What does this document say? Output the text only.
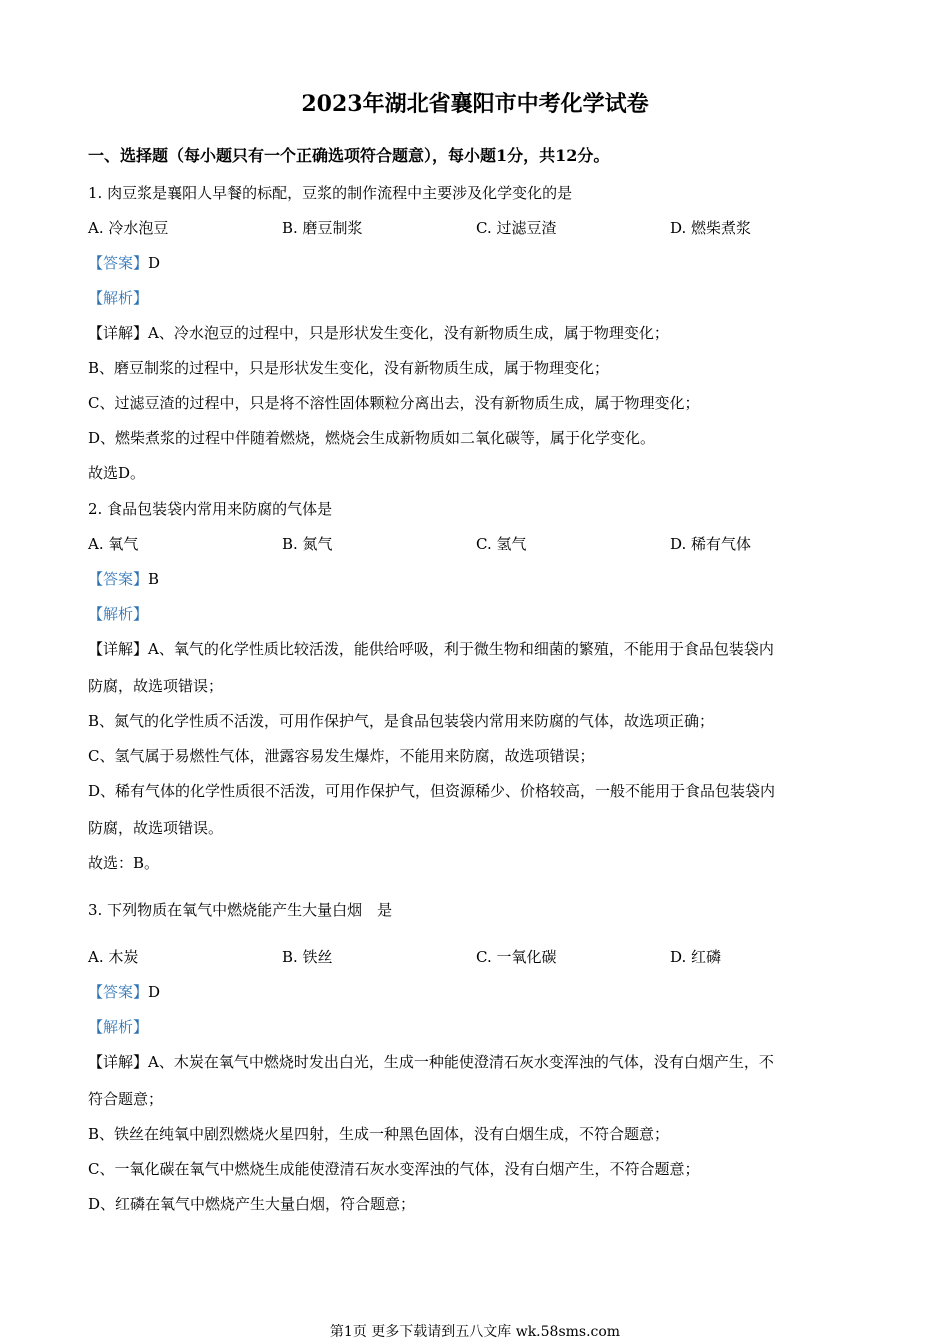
2023年湖北省襄阳市中考化学试卷

一、选择题（每小题只有一个正确选项符合题意），每小题1分，共12分。

1. 肉豆浆是襄阳人早餐的标配，豆浆的制作流程中主要涉及化学变化的是

A. 冷水泡豆	B. 磨豆制浆	C. 过滤豆渣	D. 燃柴煮浆

【答案】D

【解析】

【详解】A、冷水泡豆的过程中，只是形状发生变化，没有新物质生成，属于物理变化；

B、磨豆制浆的过程中，只是形状发生变化，没有新物质生成，属于物理变化；

C、过滤豆渣的过程中，只是将不溶性固体颗粒分离出去，没有新物质生成，属于物理变化；

D、燃柴煮浆的过程中伴随着燃烧，燃烧会生成新物质如二氧化碳等，属于化学变化。

故选D。

2. 食品包装袋内常用来防腐的气体是

A. 氧气	B. 氮气	C. 氢气	D. 稀有气体

【答案】B

【解析】

【详解】A、氧气的化学性质比较活泼，能供给呼吸，利于微生物和细菌的繁殖，不能用于食品包装袋内

防腐，故选项错误；

B、氮气的化学性质不活泼，可用作保护气，是食品包装袋内常用来防腐的气体，故选项正确；

C、氢气属于易燃性气体，泄露容易发生爆炸，不能用来防腐，故选项错误；

D、稀有气体的化学性质很不活泼，可用作保护气，但资源稀少、价格较高，一般不能用于食品包装袋内

防腐，故选项错误。

故选：B。

3. 下列物质在氧气中燃烧能产生大量白烟　是

A. 木炭	B. 铁丝	C. 一氧化碳	D. 红磷

【答案】D

【解析】

【详解】A、木炭在氧气中燃烧时发出白光，生成一种能使澄清石灰水变浑浊的气体，没有白烟产生，不

符合题意；

B、铁丝在纯氧中剧烈燃烧火星四射，生成一种黑色固体，没有白烟生成，不符合题意；

C、一氧化碳在氧气中燃烧生成能使澄清石灰水变浑浊的气体，没有白烟产生，不符合题意；

D、红磷在氧气中燃烧产生大量白烟，符合题意；

第1页 更多下载请到五八文库 wk.58sms.com
